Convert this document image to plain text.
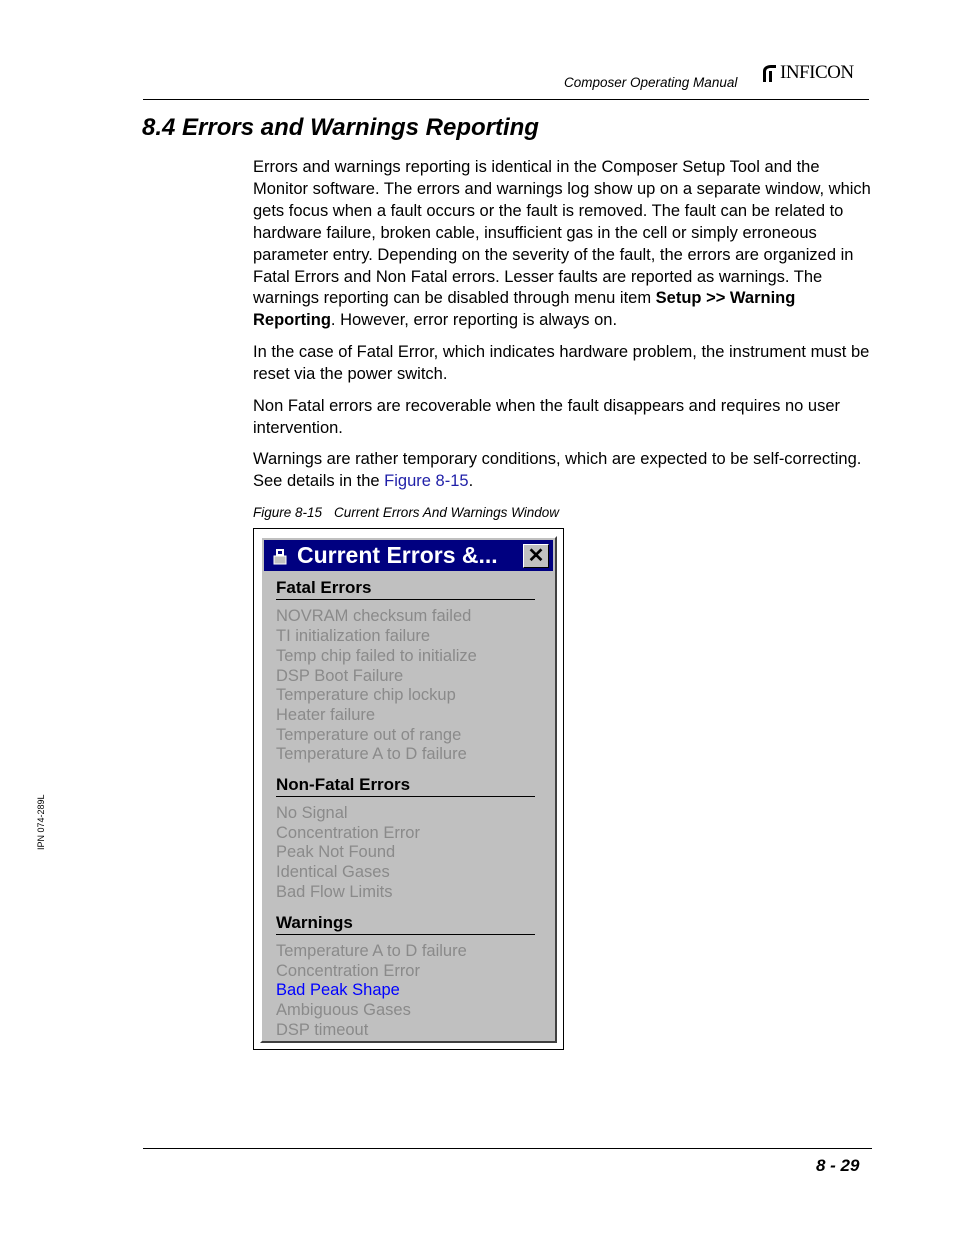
Composer Operating Manual INFICON
8.4 Errors and Warnings Reporting

Errors and warnings reporting is identical in the Composer Setup Tool and the Monitor software. The errors and warnings log show up on a separate window, which gets focus when a fault occurs or the fault is removed. The fault can be related to hardware failure, broken cable, insufficient gas in the cell or simply erroneous parameter entry. Depending on the severity of the fault, the errors are organized in Fatal Errors and Non Fatal errors. Lesser faults are reported as warnings. The warnings reporting can be disabled through menu item Setup >> Warning Reporting. However, error reporting is always on.

In the case of Fatal Error, which indicates hardware problem, the instrument must be reset via the power switch.

Non Fatal errors are recoverable when the fault disappears and requires no user intervention.

Warnings are rather temporary conditions, which are expected to be self-correcting. See details in the Figure 8-15.

Figure 8-15 Current Errors And Warnings Window
Current Errors &... ✕
Fatal Errors
NOVRAM checksum failed
TI initialization failure
Temp chip failed to initialize
DSP Boot Failure
Temperature chip lockup
Heater failure
Temperature out of range
Temperature A to D failure
Non-Fatal Errors
No Signal
Concentration Error
Peak Not Found
Identical Gases
Bad Flow Limits
Warnings
Temperature A to D failure
Concentration Error
Bad Peak Shape
Ambiguous Gases
DSP timeout
IPN 074-289L
8 - 29
